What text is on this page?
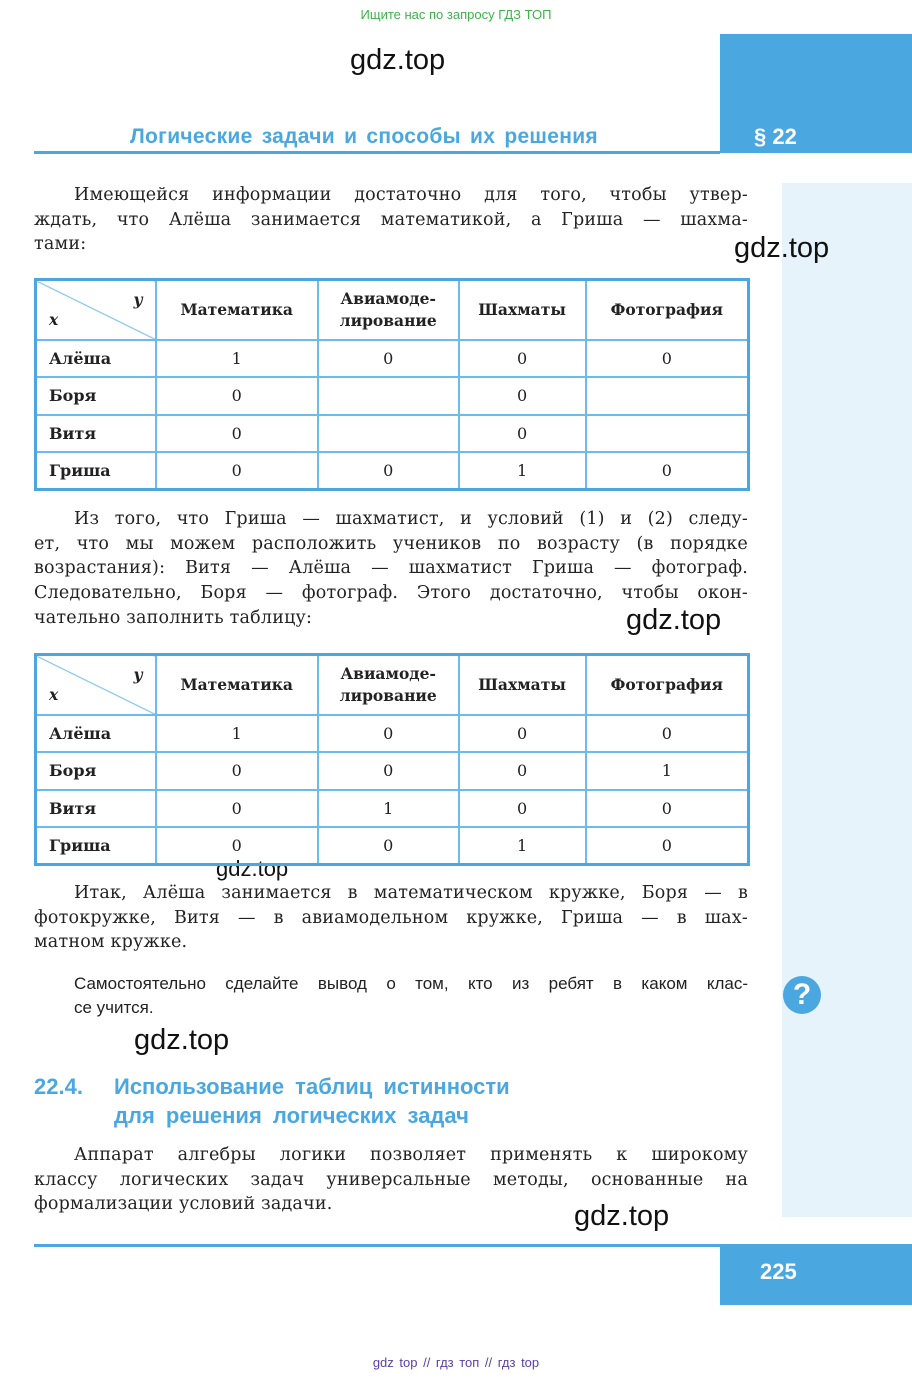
Ищите нас по запросу ГДЗ ТОП
Логические задачи и способы их решения	§ 22
gdz.top
gdz.top
gdz.top
gdz.top
gdz.top
gdz.top
Имеющейся информации достаточно для того, чтобы утвер-
ждать, что Алёша занимается математикой, а Гриша — шахма-
тами:
y
x	Математика	Авиамоде-
лирование	Шахматы	Фотография
Алёша	1	0	0	0
Боря	0		0	
Витя	0		0	
Гриша	0	0	1	0
Из того, что Гриша — шахматист, и условий (1) и (2) следу-
ет, что мы можем расположить учеников по возрасту (в порядке
возрастания): Витя — Алёша — шахматист Гриша — фотограф.
Следовательно, Боря — фотограф. Этого достаточно, чтобы окон-
чательно заполнить таблицу:
y
x	Математика	Авиамоде-
лирование	Шахматы	Фотография
Алёша	1	0	0	0
Боря	0	0	0	1
Витя	0	1	0	0
Гриша	0	0	1	0
Итак, Алёша занимается в математическом кружке, Боря — в
фотокружке, Витя — в авиамодельном кружке, Гриша — в шах-
матном кружке.
Самостоятельно сделайте вывод о том, кто из ребят в каком клас-
се учится.	?
22.4. Использование таблиц истинности
для решения логических задач
Аппарат алгебры логики позволяет применять к широкому
классу логических задач универсальные методы, основанные на
формализации условий задачи.
225
gdz top // гдз топ // гдз top
